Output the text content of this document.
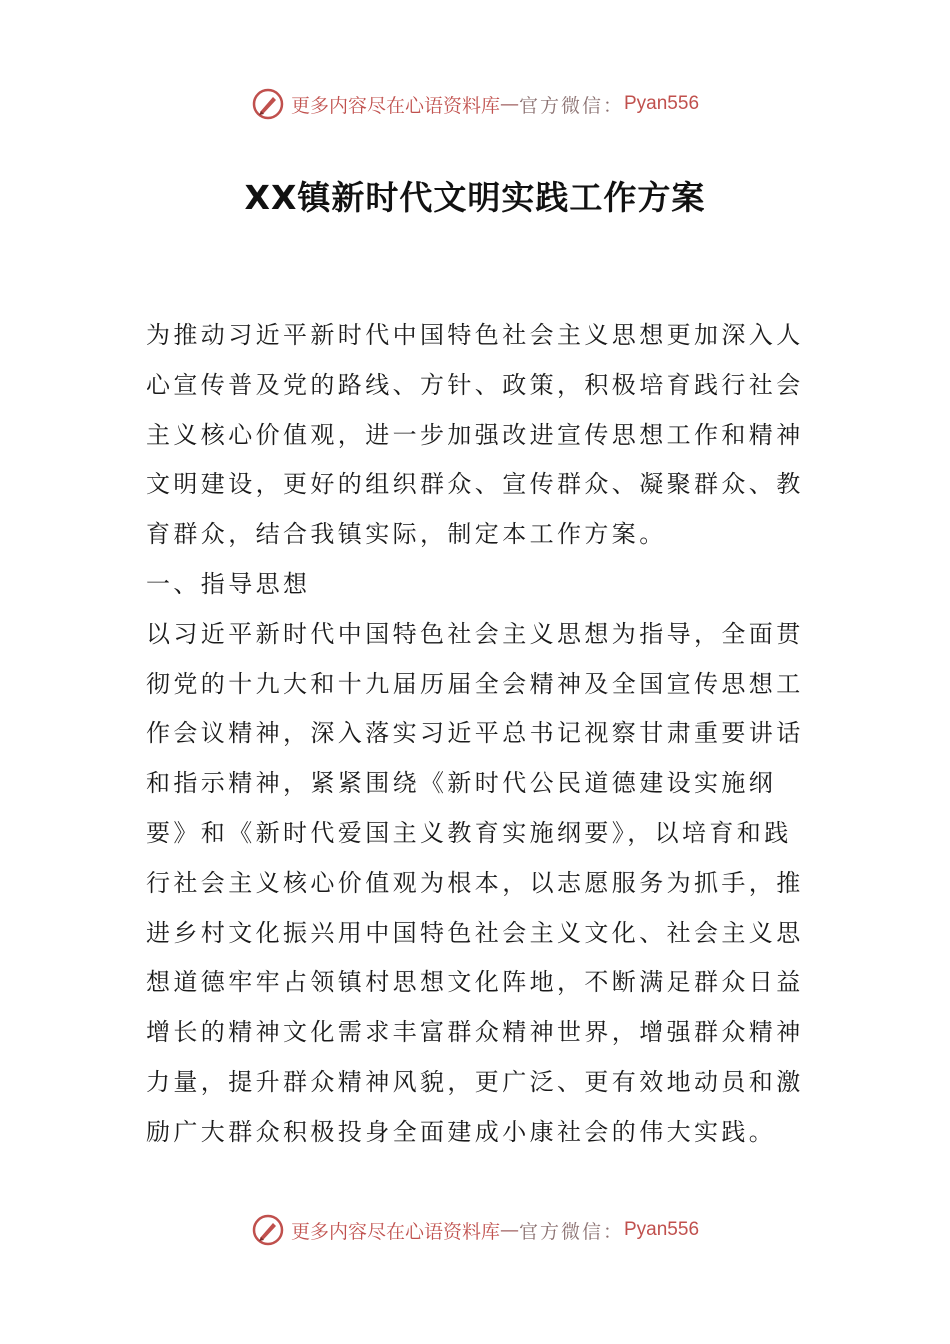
更多内容尽在心语资料库 — 官方微信： Pyan556
XX镇新时代文明实践工作方案

为推动习近平新时代中国特色社会主义思想更加深入人心宣传普及党的路线、方针、政策，积极培育践行社会主义核心价值观，进一步加强改进宣传思想工作和精神文明建设，更好的组织群众、宣传群众、凝聚群众、教育群众，结合我镇实际，制定本工作方案。

一、指导思想

以习近平新时代中国特色社会主义思想为指导，全面贯彻党的十九大和十九届历届全会精神及全国宣传思想工作会议精神，深入落实习近平总书记视察甘肃重要讲话和指示精神，紧紧围绕《新时代公民道德建设实施纲要》和《新时代爱国主义教育实施纲要》，以培育和践行社会主义核心价值观为根本，以志愿服务为抓手，推进乡村文化振兴用中国特色社会主义文化、社会主义思想道德牢牢占领镇村思想文化阵地，不断满足群众日益增长的精神文化需求丰富群众精神世界，增强群众精神力量，提升群众精神风貌，更广泛、更有效地动员和激励广大群众积极投身全面建成小康社会的伟大实践。

更多内容尽在心语资料库 — 官方微信： Pyan556
